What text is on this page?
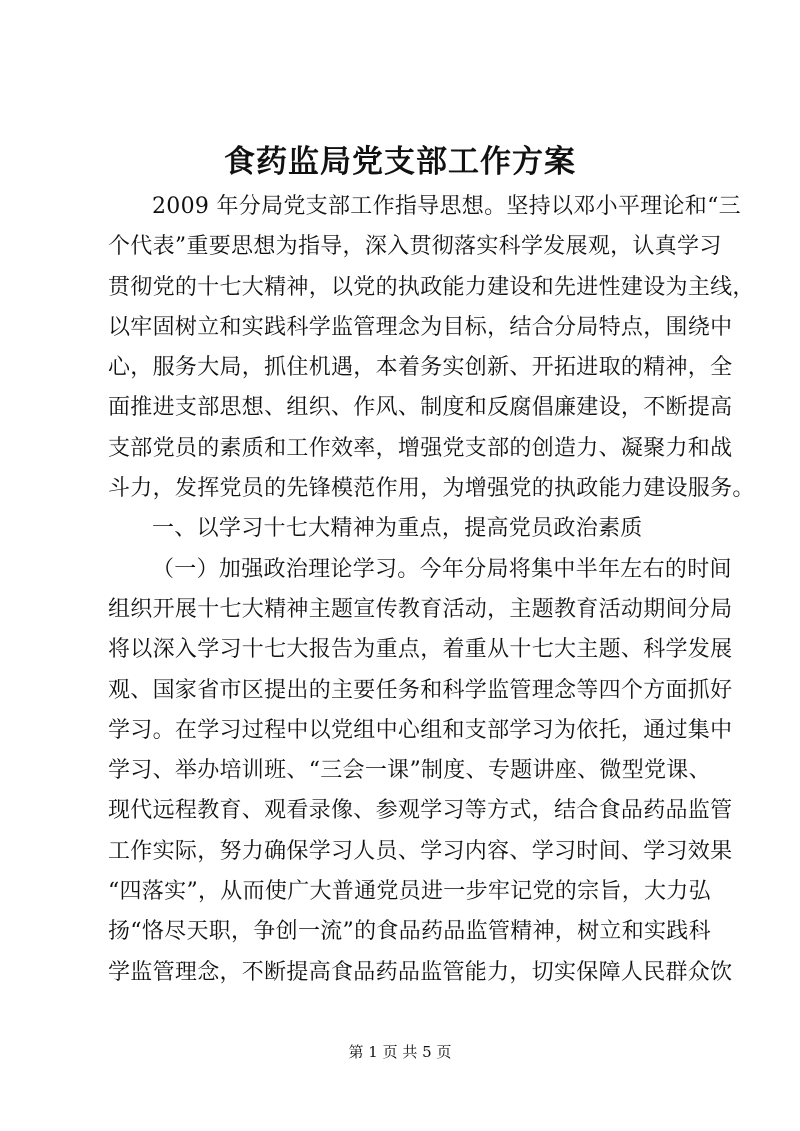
食药监局党支部工作方案
2009 年分局党支部工作指导思想。坚持以邓小平理论和“三
个代表”重要思想为指导，深入贯彻落实科学发展观，认真学习
贯彻党的十七大精神，以党的执政能力建设和先进性建设为主线，
以牢固树立和实践科学监管理念为目标，结合分局特点，围绕中
心，服务大局，抓住机遇，本着务实创新、开拓进取的精神，全
面推进支部思想、组织、作风、制度和反腐倡廉建设，不断提高
支部党员的素质和工作效率，增强党支部的创造力、凝聚力和战
斗力，发挥党员的先锋模范作用，为增强党的执政能力建设服务。
一、以学习十七大精神为重点，提高党员政治素质
（一）加强政治理论学习。今年分局将集中半年左右的时间
组织开展十七大精神主题宣传教育活动，主题教育活动期间分局
将以深入学习十七大报告为重点，着重从十七大主题、科学发展
观、国家省市区提出的主要任务和科学监管理念等四个方面抓好
学习。在学习过程中以党组中心组和支部学习为依托，通过集中
学习、举办培训班、“三会一课”制度、专题讲座、微型党课、
现代远程教育、观看录像、参观学习等方式，结合食品药品监管
工作实际，努力确保学习人员、学习内容、学习时间、学习效果
“四落实”，从而使广大普通党员进一步牢记党的宗旨，大力弘
扬“恪尽天职，争创一流”的食品药品监管精神，树立和实践科
学监管理念，不断提高食品药品监管能力，切实保障人民群众饮
第 1 页 共 5 页
